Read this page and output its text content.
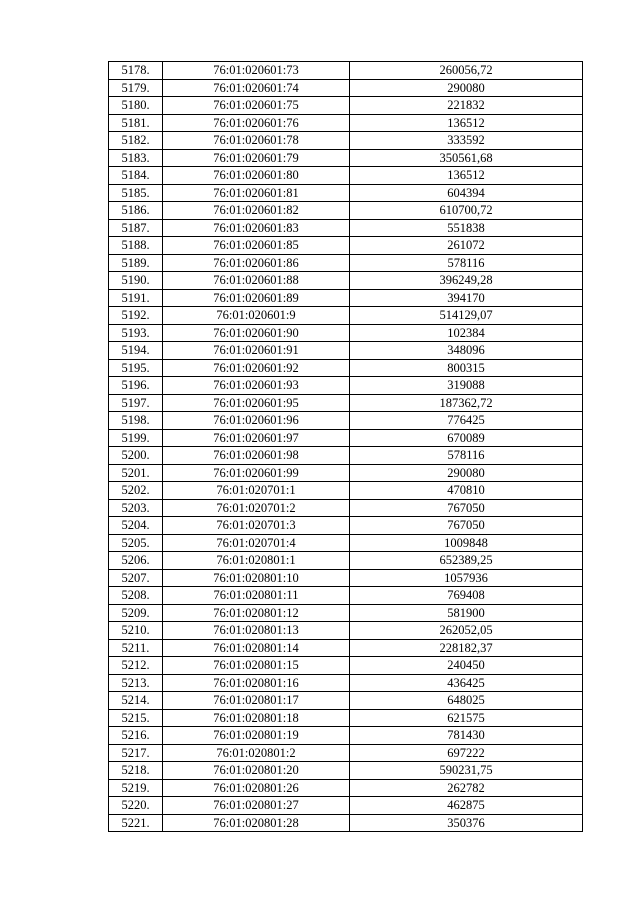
5178.	76:01:020601:73	260056,72
5179.	76:01:020601:74	290080
5180.	76:01:020601:75	221832
5181.	76:01:020601:76	136512
5182.	76:01:020601:78	333592
5183.	76:01:020601:79	350561,68
5184.	76:01:020601:80	136512
5185.	76:01:020601:81	604394
5186.	76:01:020601:82	610700,72
5187.	76:01:020601:83	551838
5188.	76:01:020601:85	261072
5189.	76:01:020601:86	578116
5190.	76:01:020601:88	396249,28
5191.	76:01:020601:89	394170
5192.	76:01:020601:9	514129,07
5193.	76:01:020601:90	102384
5194.	76:01:020601:91	348096
5195.	76:01:020601:92	800315
5196.	76:01:020601:93	319088
5197.	76:01:020601:95	187362,72
5198.	76:01:020601:96	776425
5199.	76:01:020601:97	670089
5200.	76:01:020601:98	578116
5201.	76:01:020601:99	290080
5202.	76:01:020701:1	470810
5203.	76:01:020701:2	767050
5204.	76:01:020701:3	767050
5205.	76:01:020701:4	1009848
5206.	76:01:020801:1	652389,25
5207.	76:01:020801:10	1057936
5208.	76:01:020801:11	769408
5209.	76:01:020801:12	581900
5210.	76:01:020801:13	262052,05
5211.	76:01:020801:14	228182,37
5212.	76:01:020801:15	240450
5213.	76:01:020801:16	436425
5214.	76:01:020801:17	648025
5215.	76:01:020801:18	621575
5216.	76:01:020801:19	781430
5217.	76:01:020801:2	697222
5218.	76:01:020801:20	590231,75
5219.	76:01:020801:26	262782
5220.	76:01:020801:27	462875
5221.	76:01:020801:28	350376
